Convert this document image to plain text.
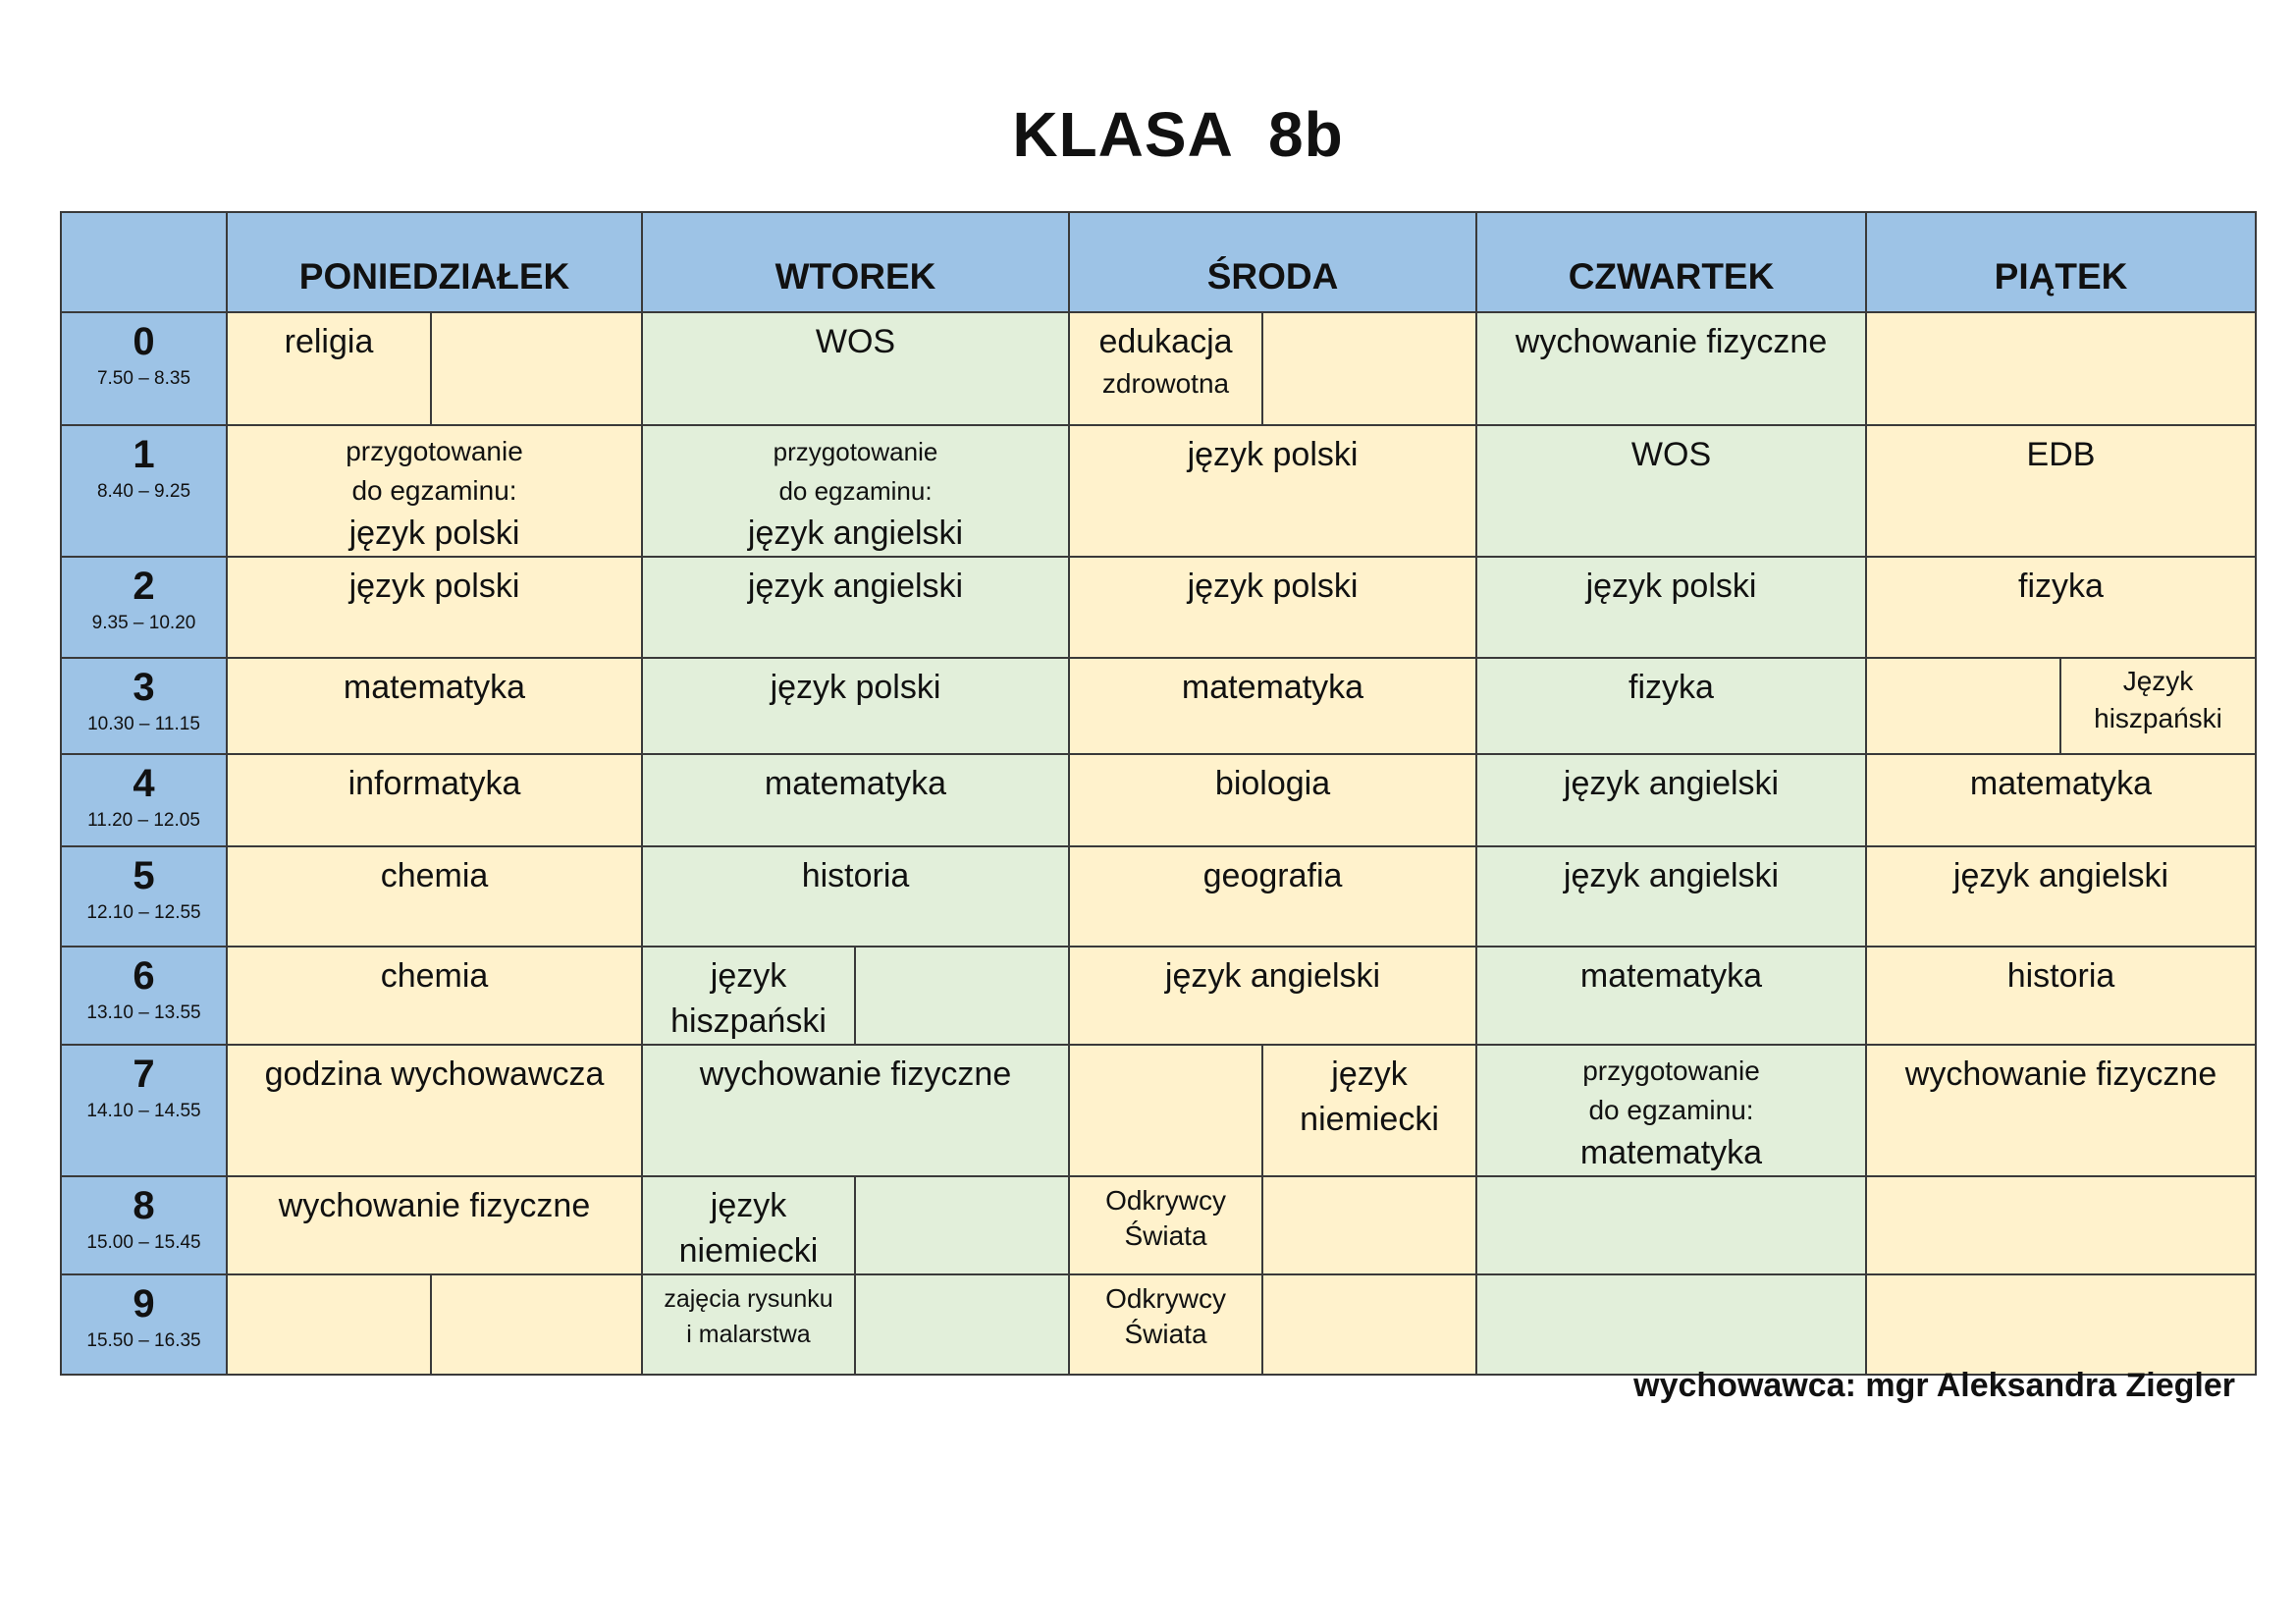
KLASA  8b
	PONIEDZIAŁEK		WTOREK		ŚRODA		CZWARTEK	PIĄTEK	

0
7.50 – 8.35	religia		WOS		edukacja
zdrowotna		wychowanie fizyczne		

1
8.40 – 9.25	przygotowanie
do egzaminu:
język polski		przygotowanie
do egzaminu:
język angielski		język polski		WOS	EDB	

2
9.35 – 10.20	język polski		język angielski		język polski		język polski	fizyka	

3
10.30 – 11.15	matematyka		język polski		matematyka		fizyka		Język
hiszpański

4
11.20 – 12.05	informatyka		matematyka		biologia		język angielski	matematyka	

5
12.10 – 12.55	chemia		historia		geografia		język angielski	język angielski	

6
13.10 – 13.55	chemia		język
hiszpański		język angielski		matematyka	historia	

7
14.10 – 14.55	godzina wychowawcza		wychowanie fizyczne			język
niemiecki	przygotowanie
do egzaminu:
matematyka	wychowanie fizyczne	

8
15.00 – 15.45	wychowanie fizyczne		język
niemiecki		Odkrywcy
Świata				

9
15.50 – 16.35			zajęcia rysunku
i malarstwa		Odkrywcy
Świata				

wychowawca: mgr Aleksandra Ziegler
